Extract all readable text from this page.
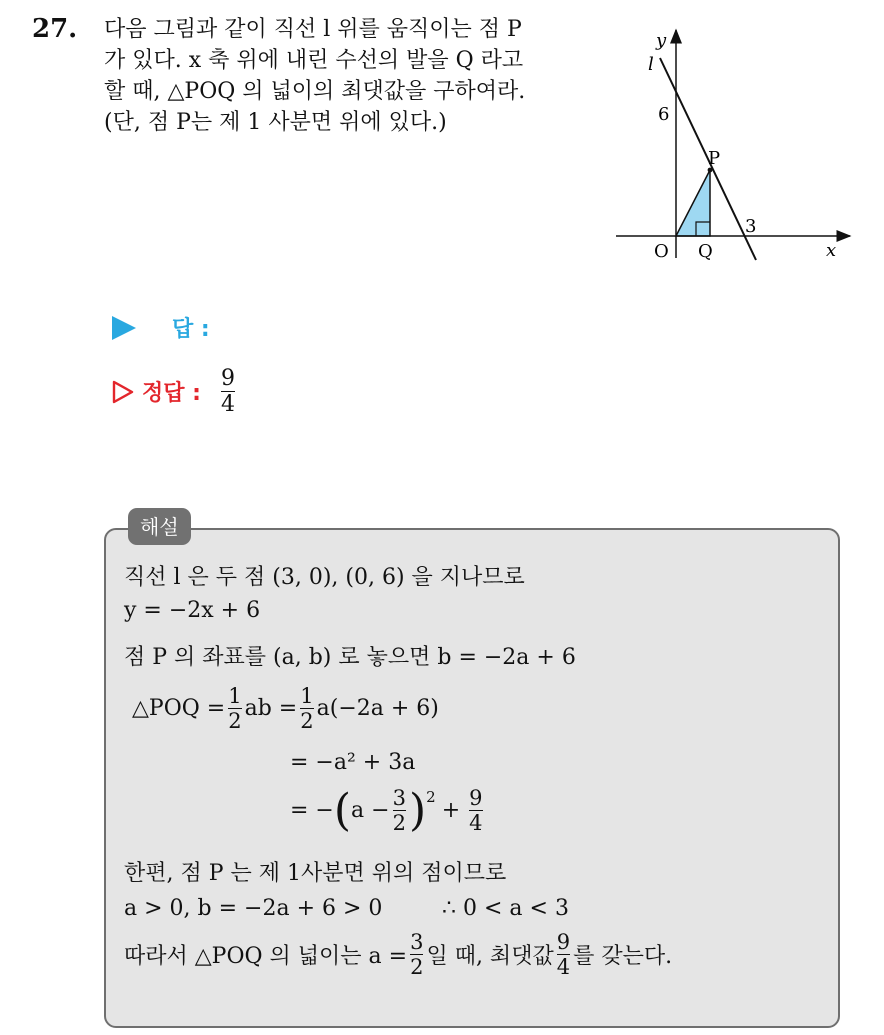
27. 다음 그림과 같이 직선 l 위를 움직이는 점 P
가 있다. x 축 위에 내린 수선의 발을 Q 라고
할 때, △POQ 의 넓이의 최댓값을 구하여라.
(단, 점 P는 제 1 사분면 위에 있다.)
y
l
6
P
3
O Q	x
답 :
정답 : $\frac{9}{4}$
해설
직선 l 은 두 점 (3, 0), (0, 6) 을 지나므로
y = −2x + 6
점 P 의 좌표를 (a, b) 로 놓으면 b = −2a + 6
△POQ = $\frac{1}{2}$ ab = $\frac{1}{2} a(-2a + 6)$
= −a² + 3a
= − ( $a - \frac{3}{2}$ ) 2
+ $\frac{9}{4}$
한편, 점 P 는 제 1사분면 위의 점이므로
a > 0, b = −2a + 6 > 0	∴ 0 < a < 3
따라서 △POQ 의 넓이는 $a = \frac{3}{2}$ 일 때, 최댓값 $\frac{9}{4}$ 를 갖는다.
